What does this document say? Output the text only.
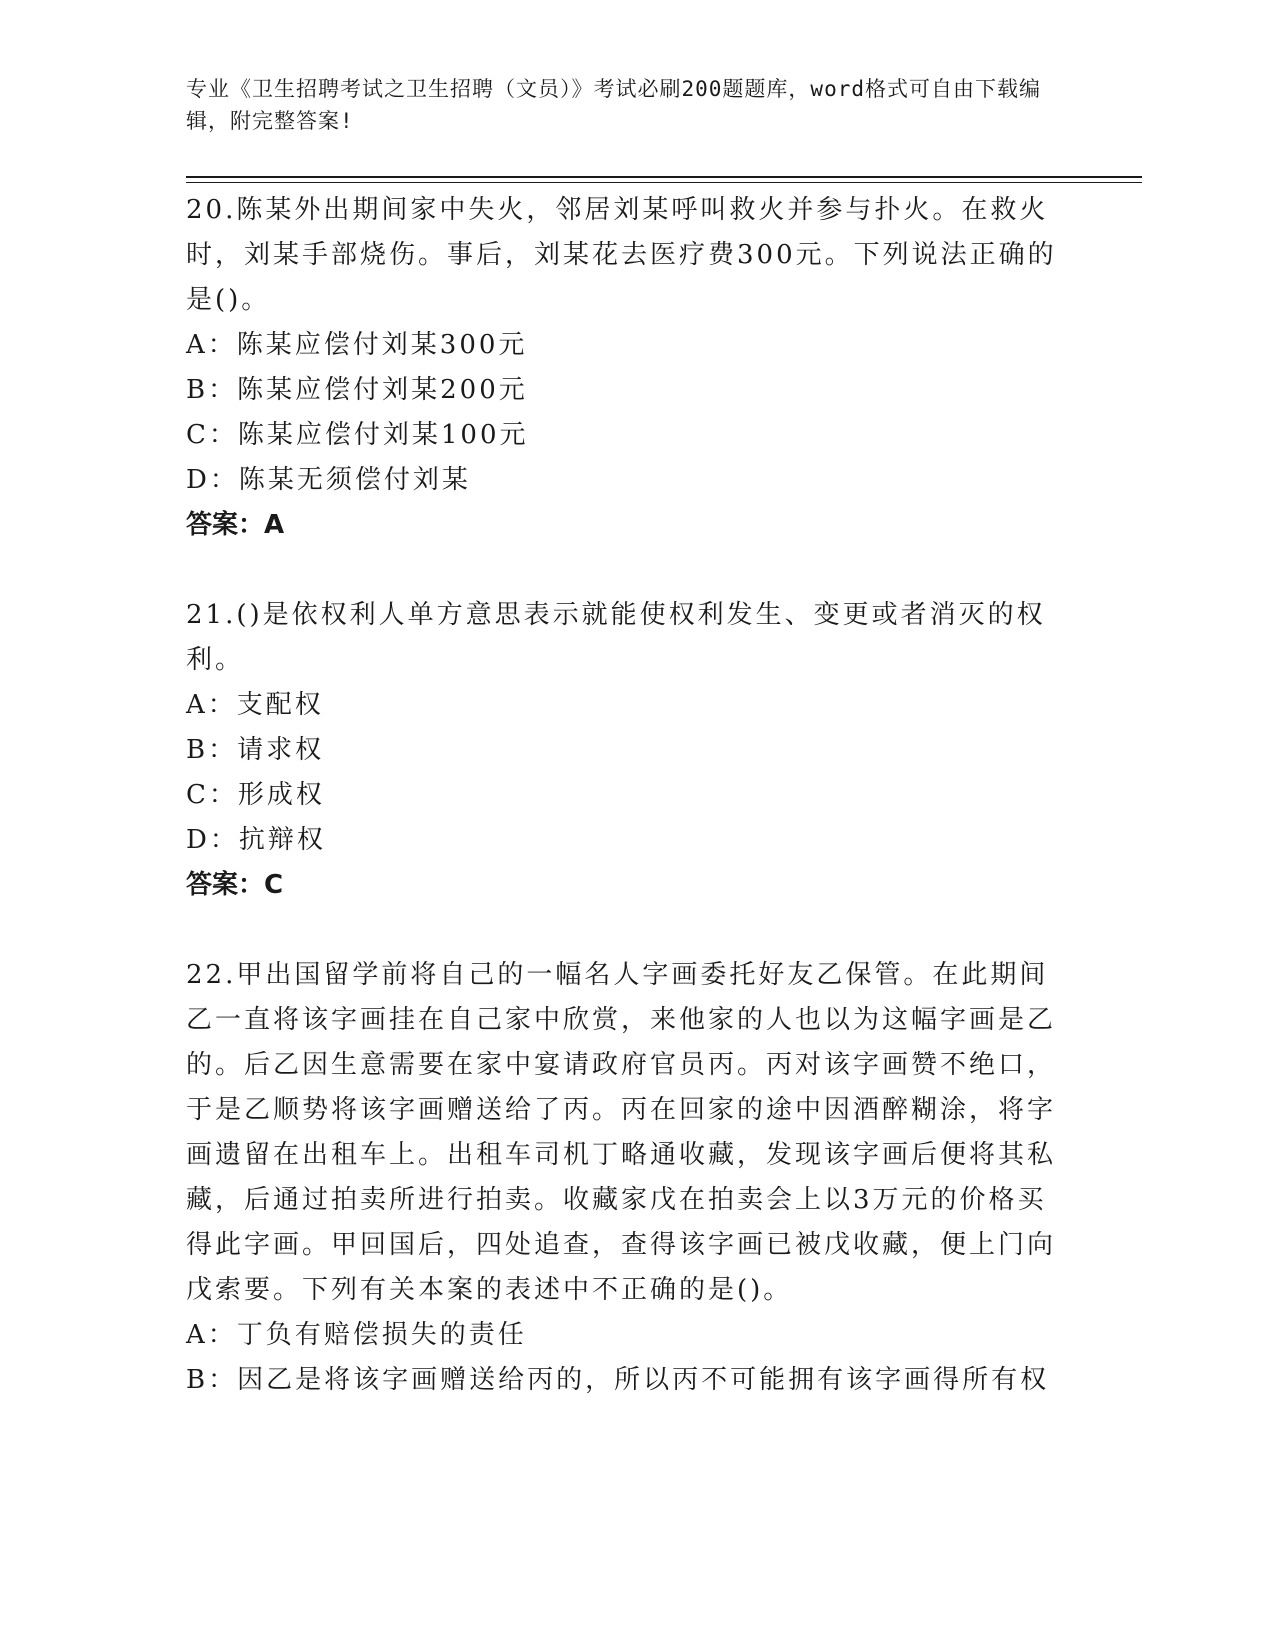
专业《卫生招聘考试之卫生招聘（文员）》考试必刷200题题库，word格式可自由下载编辑，附完整答案!
20.陈某外出期间家中失火，邻居刘某呼叫救火并参与扑火。在救火时，刘某手部烧伤。事后，刘某花去医疗费300元。下列说法正确的是()。
A：陈某应偿付刘某300元
B：陈某应偿付刘某200元
C：陈某应偿付刘某100元
D：陈某无须偿付刘某
答案：A
21.()是依权利人单方意思表示就能使权利发生、变更或者消灭的权利。
A：支配权
B：请求权
C：形成权
D：抗辩权
答案：C
22.甲出国留学前将自己的一幅名人字画委托好友乙保管。在此期间乙一直将该字画挂在自己家中欣赏，来他家的人也以为这幅字画是乙的。后乙因生意需要在家中宴请政府官员丙。丙对该字画赞不绝口，于是乙顺势将该字画赠送给了丙。丙在回家的途中因酒醉糊涂，将字画遗留在出租车上。出租车司机丁略通收藏，发现该字画后便将其私藏，后通过拍卖所进行拍卖。收藏家戊在拍卖会上以3万元的价格买得此字画。甲回国后，四处追查，查得该字画已被戊收藏，便上门向戊索要。下列有关本案的表述中不正确的是()。
A：丁负有赔偿损失的责任
B：因乙是将该字画赠送给丙的，所以丙不可能拥有该字画得所有权
